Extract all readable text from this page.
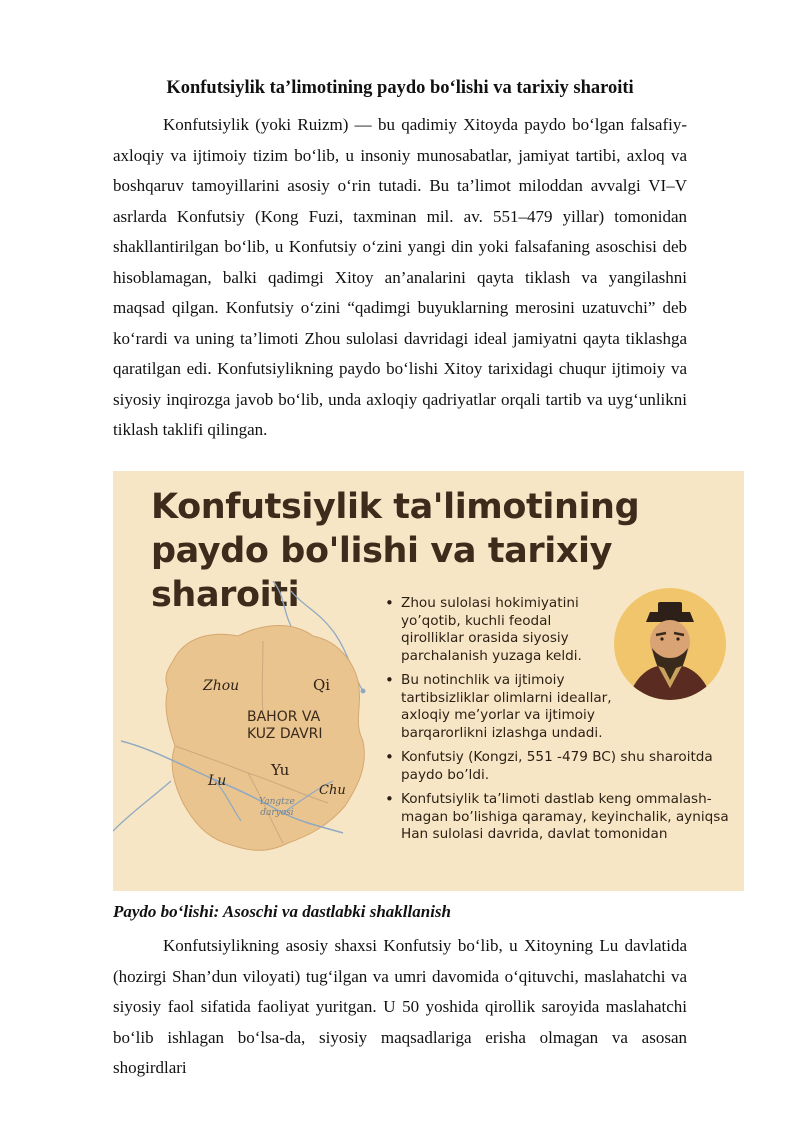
Konfutsiylik ta’limotining paydo bo‘lishi va tarixiy sharoiti

Konfutsiylik (yoki Ruizm) — bu qadimiy Xitoyda paydo bo‘lgan falsafiy-axloqiy va ijtimoiy tizim bo‘lib, u insoniy munosabatlar, jamiyat tartibi, axloq va boshqaruv tamoyillarini asosiy o‘rin tutadi. Bu ta’limot miloddan avvalgi VI–V asrlarda Konfutsiy (Kong Fuzi, taxminan mil. av. 551–479 yillar) tomonidan shakllantirilgan bo‘lib, u Konfutsiy o‘zini yangi din yoki falsafaning asoschisi deb hisoblamagan, balki qadimgi Xitoy an’analarini qayta tiklash va yangilashni maqsad qilgan. Konfutsiy o‘zini “qadimgi buyuklarning merosini uzatuvchi” deb ko‘rardi va uning ta’limoti Zhou sulolasi davridagi ideal jamiyatni qayta tiklashga qaratilgan edi. Konfutsiylikning paydo bo‘lishi Xitoy tarixidagi chuqur ijtimoiy va siyosiy inqirozga javob bo‘lib, unda axloqiy qadriyatlar orqali tartib va uyg‘unlikni tiklash taklifi qilingan.

Konfutsiylik ta'limotining
paydo bo'lishi va tarixiy sharoiti

Zhou	Qi
BAHOR VA
KUZ DAVRI
Yu
Lu
Chu
Yangtze
daryosi
• Zhou sulolasi hokimiyatini yo’qotib, kuchli feodal qirolliklar orasida siyosiy parchalanish yuzaga keldi.
• Bu notinchlik va ijtimoiy tartibsizliklar olimlarni ideallar, axloqiy me’yorlar va ijtimoiy barqarorlikni izlashga undadi.
• Konfutsiy (Kongzi, 551 -479 BC) shu sharoitda paydo bo’ldi.
• Konfutsiylik ta’limoti dastlab keng ommalash-magan bo’lishiga qaramay, keyinchalik, ayniqsa Han sulolasi davrida, davlat tomonidan

Paydo bo‘lishi: Asoschi va dastlabki shakllanish

Konfutsiylikning asosiy shaxsi Konfutsiy bo‘lib, u Xitoyning Lu davlatida (hozirgi Shan’dun viloyati) tug‘ilgan va umri davomida o‘qituvchi, maslahatchi va siyosiy faol sifatida faoliyat yuritgan. U 50 yoshida qirollik saroyida maslahatchi bo‘lib ishlagan bo‘lsa-da, siyosiy maqsadlariga erisha olmagan va asosan shogirdlari
